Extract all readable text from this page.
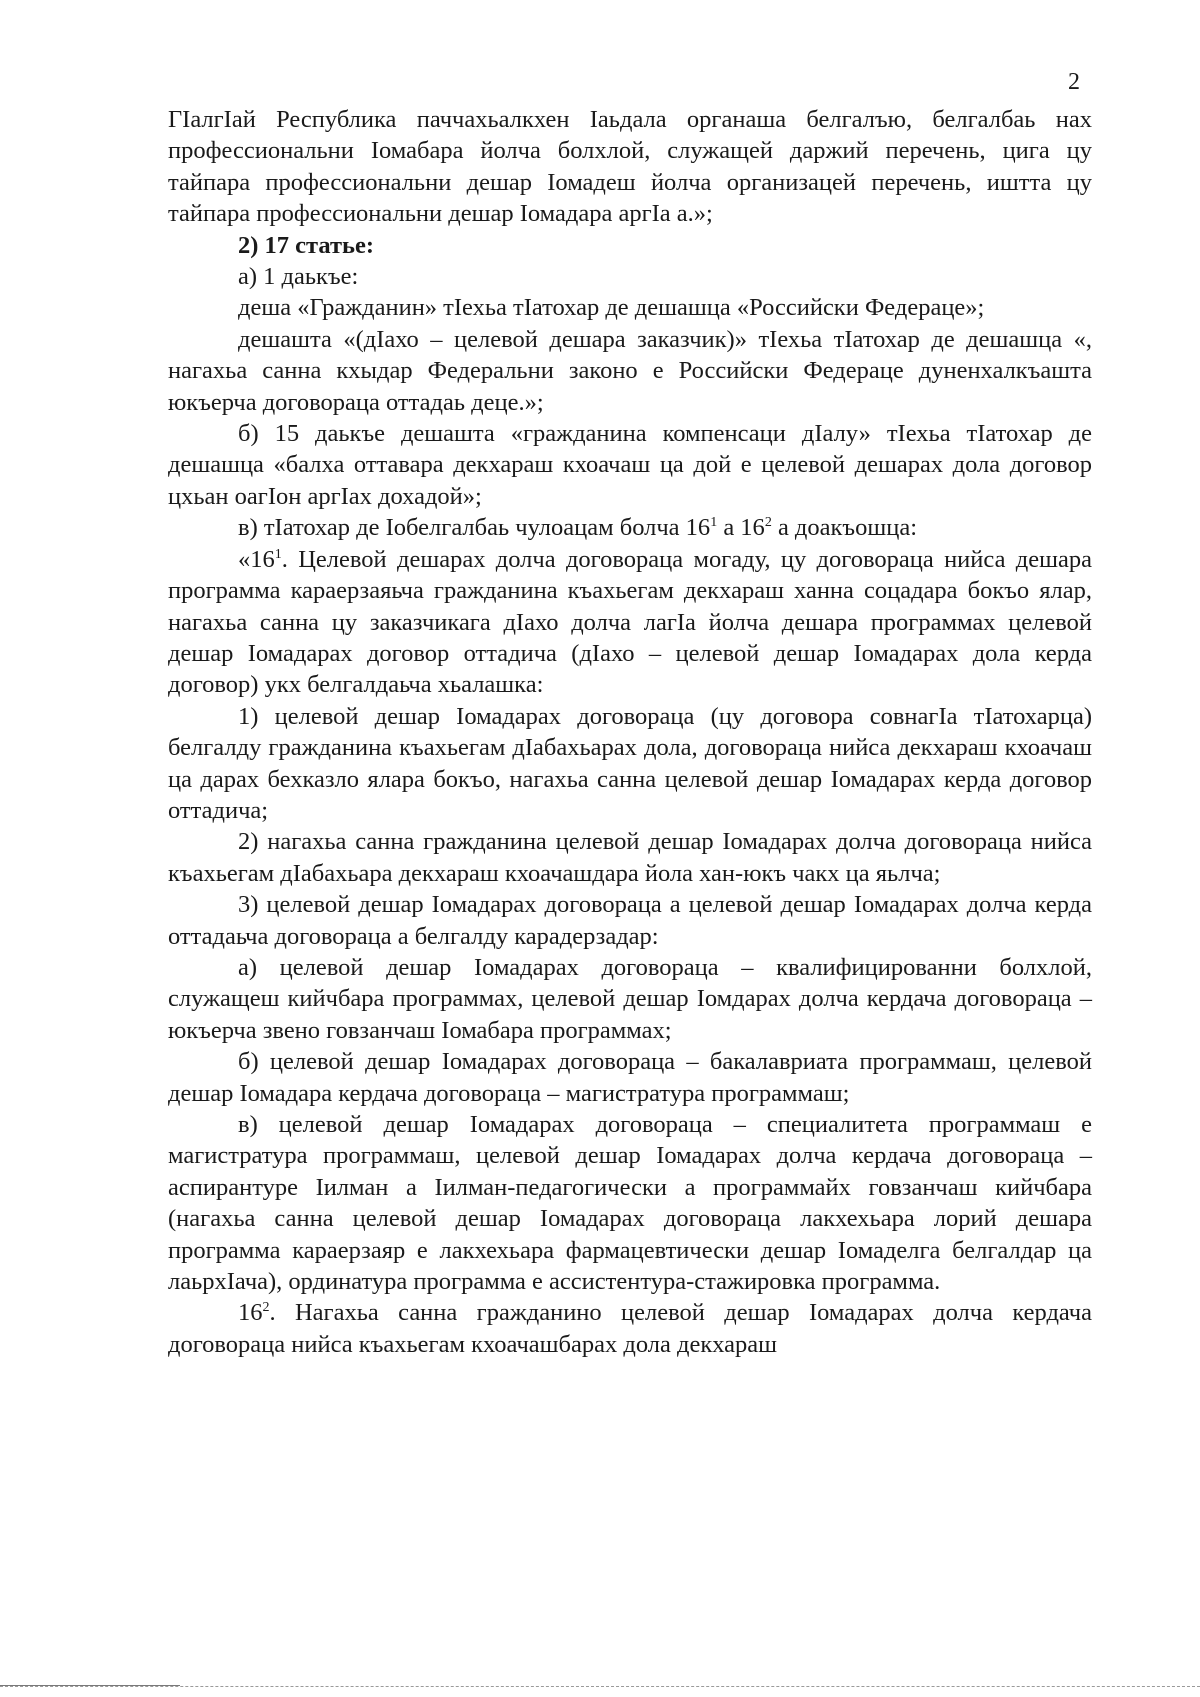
2

ГӀалгӀай Республика паччахьалкхен Ӏаьдала органаша белгалъю, белгалбаь нах профессиональни Ӏомабара йолча болхлой, служащей даржий перечень, цига цу тайпара профессиональни дешар Ӏомадеш йолча организацей перечень, иштта цу тайпара профессиональни дешар Ӏомадара аргӀа а.»;

2) 17 статье:

а) 1 даькъе:

деша «Гражданин» тӀехьа тӀатохар де дешашца «Российски Федераце»;

дешашта «(дӀахо – целевой дешара заказчик)» тӀехьа тӀатохар де дешашца «, нагахьа санна кхыдар Федеральни законо е Российски Федераце дуненхалкъашта юкъерча договораца оттадаь деце.»;

б) 15 даькъе дешашта «гражданина компенсаци дӀалу» тӀехьа тӀатохар де дешашца «балха оттавара декхараш кхоачаш ца дой е целевой дешарах дола договор цхьан оагӀон аргӀах дохадой»;

в) тӀатохар де Ӏобелгалбаь чулоацам болча $16^1$ а $16^2$ а доакъошца:

«$16^1$. Целевой дешарах долча договораца могаду, цу договораца нийса дешара программа караерзаяьча гражданина къахьегам декхараш ханна соцадара бокъо ялар, нагахьа санна цу заказчикага дӀахо долча лагӀа йолча дешара программах целевой дешар Ӏомадарах договор оттадича (дӀахо – целевой дешар Ӏомадарах дола керда договор) укх белгалдаьча хьалашка:

1) целевой дешар Ӏомадарах договораца (цу договора совнагӀа тӀатохарца) белгалду гражданина къахьегам дӀабахьарах дола, договораца нийса декхараш кхоачаш ца дарах бехказло ялара бокъо, нагахьа санна целевой дешар Ӏомадарах керда договор оттадича;

2) нагахьа санна гражданина целевой дешар Ӏомадарах долча договораца нийса къахьегам дӀабахьара декхараш кхоачашдара йола хан-юкъ чакх ца яьлча;

3) целевой дешар Ӏомадарах договораца а целевой дешар Ӏомадарах долча керда оттадаьча договораца а белгалду карадерзадар:

а) целевой дешар Ӏомадарах договораца – квалифицированни болхлой, служащеш кийчбара программах, целевой дешар Ӏомдарах долча кердача договораца – юкъерча звено говзанчаш Ӏомабара программах;

б) целевой дешар Ӏомадарах договораца – бакалавриата программаш, целевой дешар Ӏомадара кердача договораца – магистратура программаш;

в) целевой дешар Ӏомадарах договораца – специалитета программаш е магистратура программаш, целевой дешар Ӏомадарах долча кердача договораца – аспирантуре Ӏилман а Ӏилман-педагогически а программайх говзанчаш кийчбара (нагахьа санна целевой дешар Ӏомадарах договораца лакхехьара лорий дешара программа караерзаяр е лакхехьара фармацевтически дешар Ӏомаделга белгалдар ца лаьрхӀача), ординатура программа е ассистентура-стажировка программа.

$16^2$. Нагахьа санна гражданино целевой дешар Ӏомадарах долча кердача договораца нийса къахьегам кхоачашбарах дола декхараш
